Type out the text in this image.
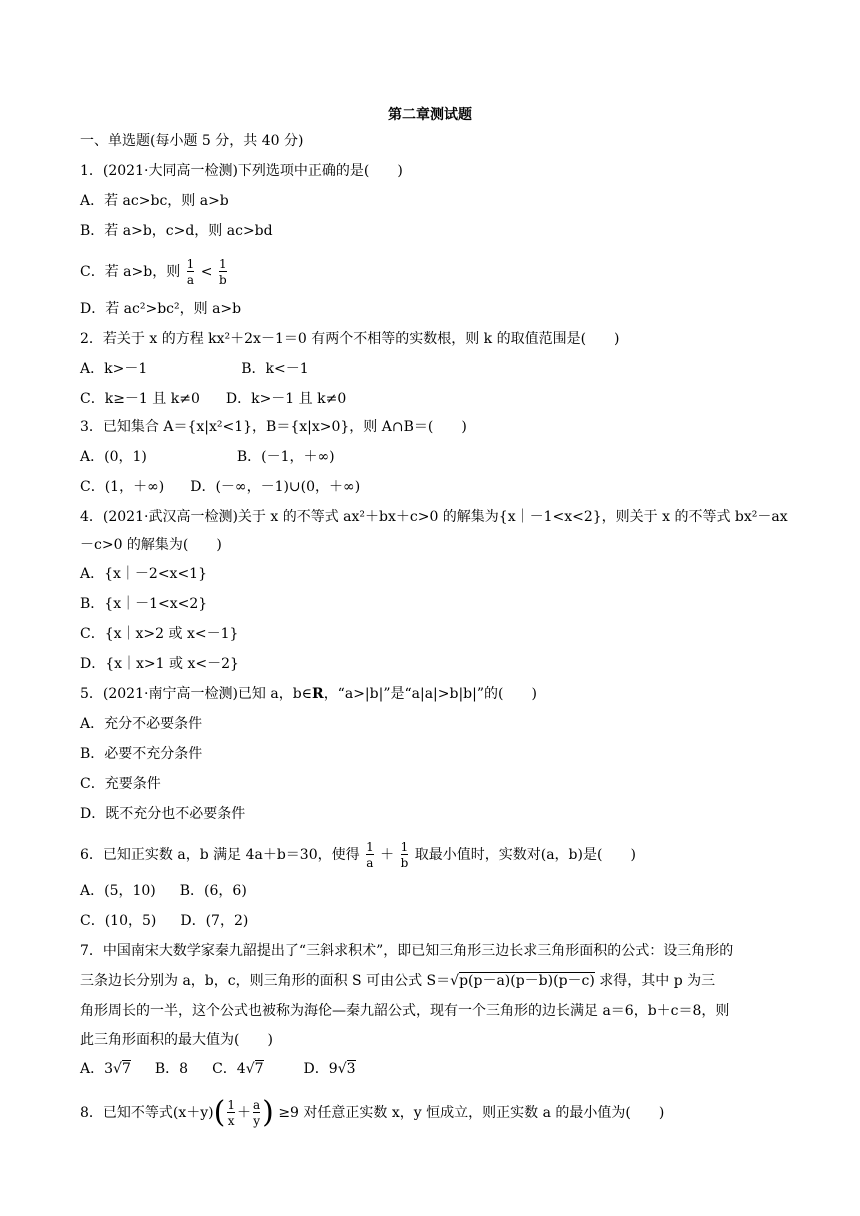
第二章测试题
一、单选题(每小题 5 分，共 40 分)
1．(2021·大同高一检测)下列选项中正确的是(　　)
A．若 ac>bc，则 a>b
B．若 a>b，c>d，则 ac>bd
C．若 a>b，则 $\frac{1}{a} < \frac{1}{b}$
D．若 ac²>bc²，则 a>b
2．若关于 x 的方程 kx²＋2x－1＝0 有两个不相等的实数根，则 k 的取值范围是(　　)
A．k>－1	B．k<－1
C．k≥－1 且 k≠0 D．k>－1 且 k≠0
3．已知集合 A＝{x|x²<1}，B＝{x|x>0}，则 A∩B＝(　　)
A．(0，1)	B．(－1，＋∞)
C．(1，＋∞) D．(－∞，－1)∪(0，＋∞)
4．(2021·武汉高一检测)关于 x 的不等式 ax²＋bx＋c>0 的解集为{x｜－1<x<2}，则关于 x 的不等式 bx²－ax
－c>0 的解集为(　　)
A．{x｜－2<x<1}
B．{x｜－1<x<2}
C．{x｜x>2 或 x<－1}
D．{x｜x>1 或 x<－2}
5．(2021·南宁高一检测)已知 a，b∈R，“a>|b|”是“a|a|>b|b|”的(　　)
A．充分不必要条件
B．必要不充分条件
C．充要条件
D．既不充分也不必要条件
6．已知正实数 a，b 满足 4a＋b＝30，使得 $\frac{1}{a} + \frac{1}{b}$ 取最小值时，实数对(a，b)是(　　)
A．(5，10) B．(6，6)
C．(10，5) D．(7，2)
7．中国南宋大数学家秦九韶提出了“三斜求积术”，即已知三角形三边长求三角形面积的公式：设三角形的
三条边长分别为 a，b，c，则三角形的面积 S 可由公式 S＝√p(p－a)(p－b)(p－c) 求得，其中 p 为三
角形周长的一半，这个公式也被称为海伦—秦九韶公式，现有一个三角形的边长满足 a＝6，b＋c＝8，则
此三角形面积的最大值为(　　)
A．3√7 B．8 C．4√7	D．9√3
8．已知不等式$(x+y)( \frac{1}{x} + \frac{a}{y}$ ) ≥9 对任意正实数 x，y 恒成立，则正实数 a 的最小值为(　　)
